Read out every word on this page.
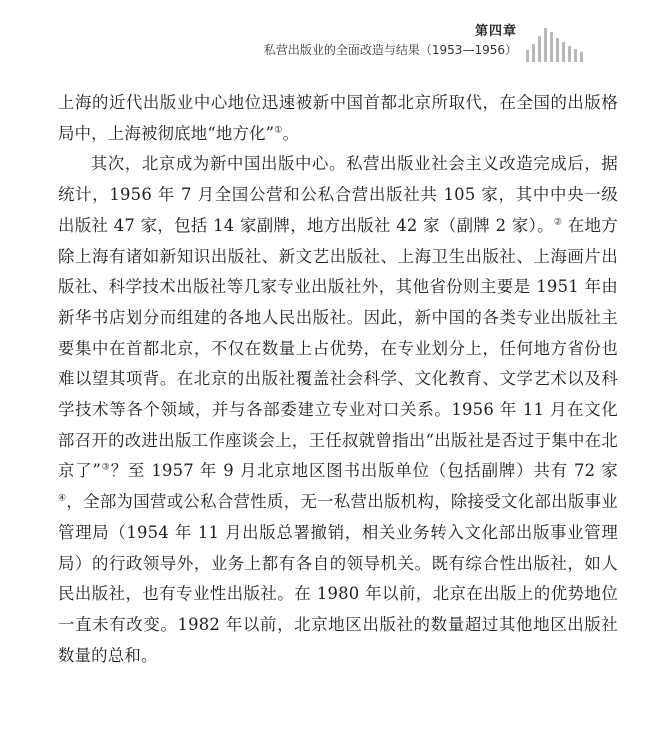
第四章
私营出版业的全面改造与结果（1953—1956）

上海的近代出版业中心地位迅速被新中国首都北京所取代，在全国的出版格局中，上海被彻底地“地方化”①。

其次，北京成为新中国出版中心。私营出版业社会主义改造完成后，据统计，1956 年 7 月全国公营和公私合营出版社共 105 家，其中中央一级出版社 47 家，包括 14 家副牌，地方出版社 42 家（副牌 2 家）。② 在地方除上海有诸如新知识出版社、新文艺出版社、上海卫生出版社、上海画片出版社、科学技术出版社等几家专业出版社外，其他省份则主要是 1951 年由新华书店划分而组建的各地人民出版社。因此，新中国的各类专业出版社主要集中在首都北京，不仅在数量上占优势，在专业划分上，任何地方省份也难以望其项背。在北京的出版社覆盖社会科学、文化教育、文学艺术以及科学技术等各个领域，并与各部委建立专业对口关系。1956 年 11 月在文化部召开的改进出版工作座谈会上，王任叔就曾指出“出版社是否过于集中在北京了”③？至 1957 年 9 月北京地区图书出版单位（包括副牌）共有 72 家④，全部为国营或公私合营性质，无一私营出版机构，除接受文化部出版事业管理局（1954 年 11 月出版总署撤销，相关业务转入文化部出版事业管理局）的行政领导外，业务上都有各自的领导机关。既有综合性出版社，如人民出版社，也有专业性出版社。在 1980 年以前，北京在出版上的优势地位一直未有改变。1982 年以前，北京地区出版社的数量超过其他地区出版社数量的总和。
